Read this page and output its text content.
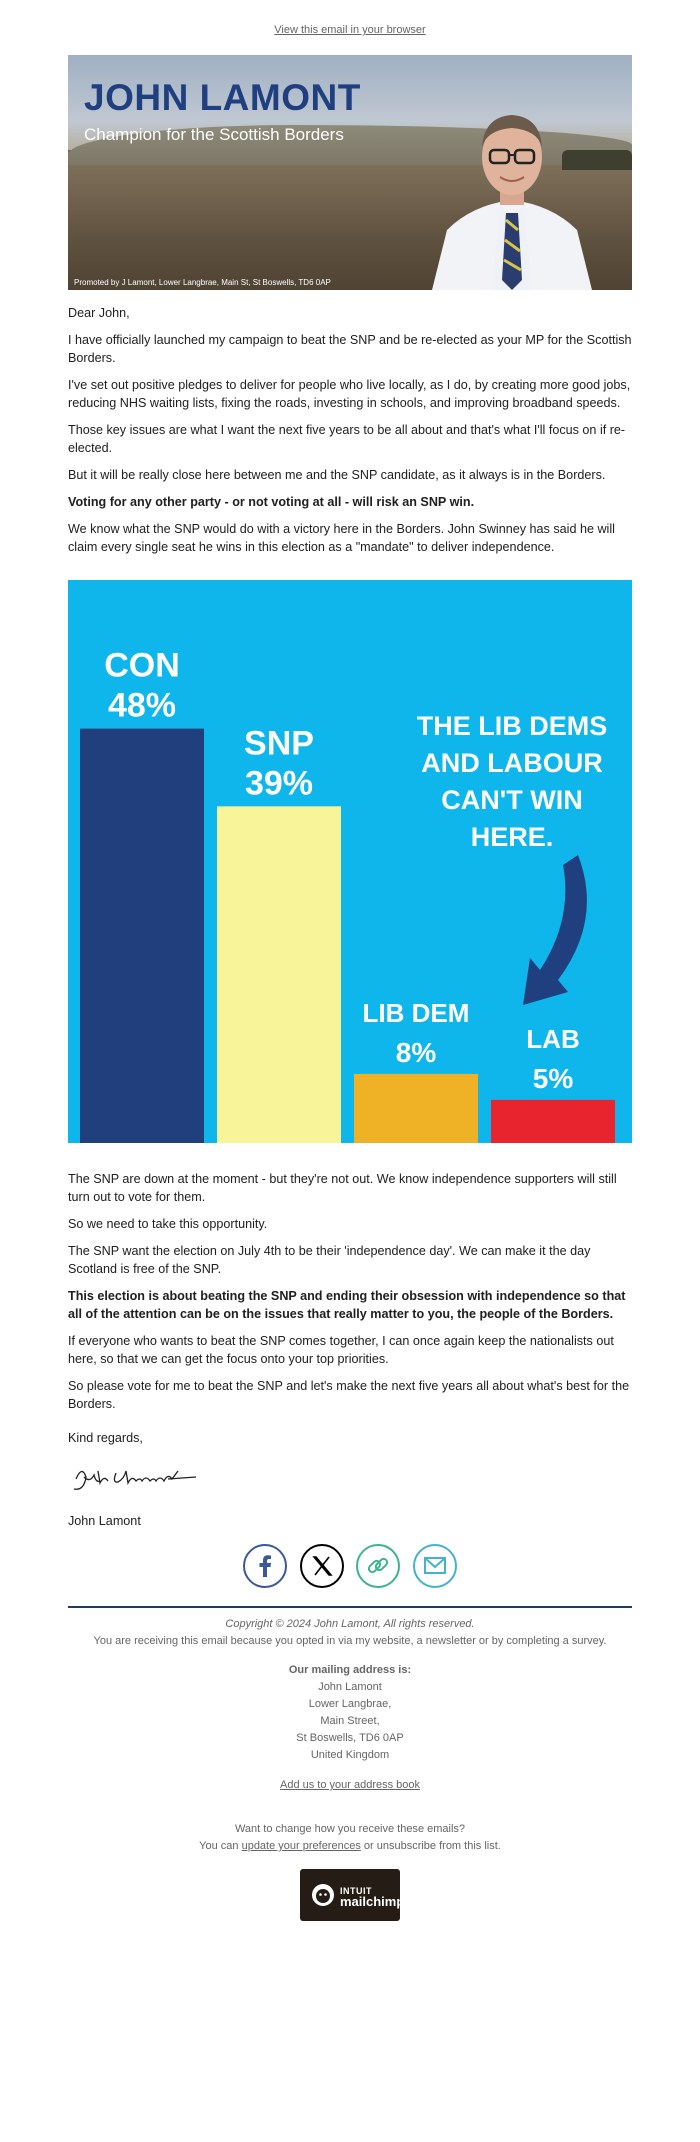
View this email in your browser
JOHN LAMONT
Champion for the Scottish Borders
Promoted by J Lamont, Lower Langbrae, Main St, St Boswells, TD6 0AP

Dear John,

I have officially launched my campaign to beat the SNP and be re-elected as your MP for the Scottish Borders.

I've set out positive pledges to deliver for people who live locally, as I do, by creating more good jobs, reducing NHS waiting lists, fixing the roads, investing in schools, and improving broadband speeds.

Those key issues are what I want the next five years to be all about and that's what I'll focus on if re-elected.

But it will be really close here between me and the SNP candidate, as it always is in the Borders.

Voting for any other party - or not voting at all - will risk an SNP win.

We know what the SNP would do with a victory here in the Borders. John Swinney has said he will claim every single seat he wins in this election as a "mandate" to deliver independence.

CON
48%
SNP
39%
LIB DEM
8%	LAB
5%
THE LIB DEMS
AND LABOUR
CAN'T WIN
HERE.

The SNP are down at the moment - but they're not out. We know independence supporters will still turn out to vote for them.

So we need to take this opportunity.

The SNP want the election on July 4th to be their 'independence day'. We can make it the day Scotland is free of the SNP.

This election is about beating the SNP and ending their obsession with independence so that all of the attention can be on the issues that really matter to you, the people of the Borders.

If everyone who wants to beat the SNP comes together, I can once again keep the nationalists out here, so that we can get the focus onto your top priorities.

So please vote for me to beat the SNP and let's make the next five years all about what's best for the Borders.

Kind regards,
John Lamont

Copyright © 2024 John Lamont, All rights reserved.
You are receiving this email because you opted in via my website, a newsletter or by completing a survey.
Our mailing address is:
John Lamont
Lower Langbrae,
Main Street,
St Boswells, TD6 0AP
United Kingdom
Add us to your address book
Want to change how you receive these emails?
You can update your preferences or unsubscribe from this list.
INTUIT
mailchimp
